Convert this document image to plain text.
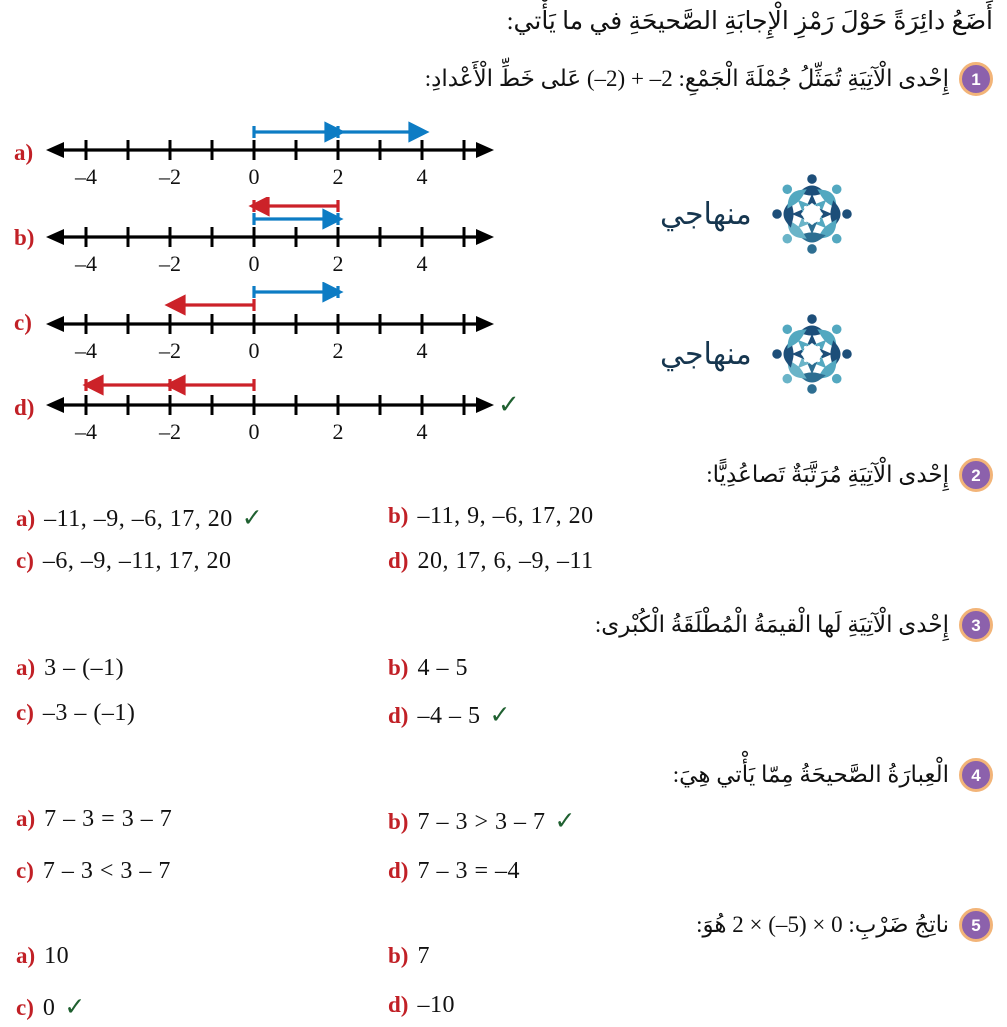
أَضَعُ دائِرَةً حَوْلَ رَمْزِ الْإِجابَةِ الصَّحيحَةِ في ما يَأْتي:
1
إِحْدى الْآتِيَةِ تُمَثِّلُ جُمْلَةَ الْجَمْعِ: 2– + (2–) عَلى خَطِّ الْأَعْدادِ:
a)
–4	–2	0	2	4
b)
–4	–2	0	2	4
c)
–4	–2	0	2	4
d)
–4	–2	0	2	4
✓
منهاجي
منهاجي
2
إِحْدى الْآتِيَةِ مُرَتَّبَةٌ تَصاعُدِيًّا:
a) –11, –9, –6, 17, 20 ✓	b) –11, 9, –6, 17, 20
c) –6, –9, –11, 17, 20	d) 20, 17, 6, –9, –11
3
إِحْدى الْآتِيَةِ لَها الْقيمَةُ الْمُطْلَقَةُ الْكُبْرى:
a) 3 – (–1)	b) 4 – 5
c) –3 – (–1)	d) –4 – 5 ✓
4
الْعِبارَةُ الصَّحيحَةُ مِمّا يَأْتي هِيَ:
a) 7 – 3 = 3 – 7	b) 7 – 3 > 3 – 7 ✓
c) 7 – 3 < 3 – 7	d) 7 – 3 = –4
5
ناتِجُ ضَرْبِ: 0 × (5–) × 2 هُوَ:
a) 10	b) 7
c) 0 ✓	d) –10
